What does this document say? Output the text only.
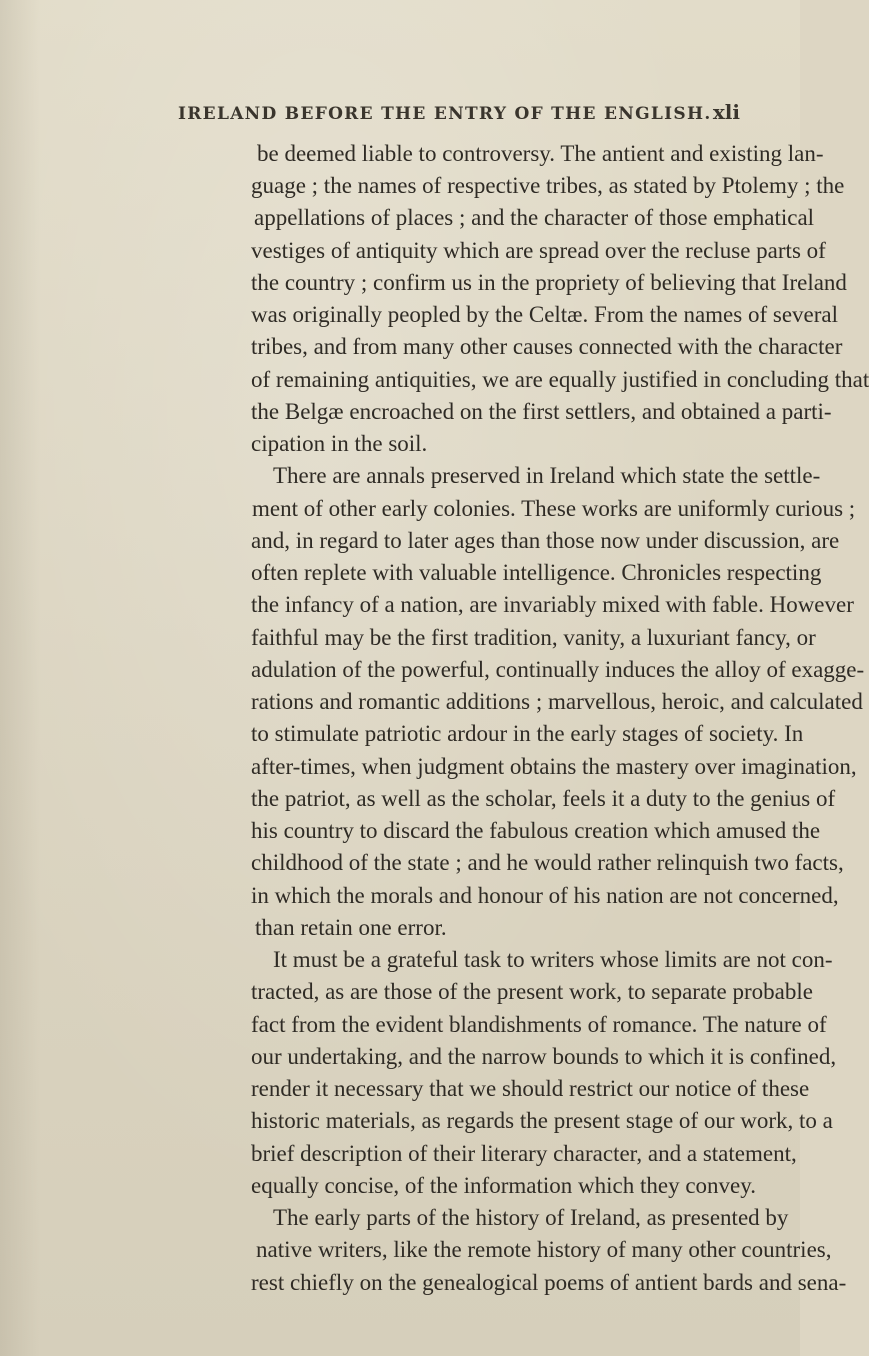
IRELAND BEFORE THE ENTRY OF THE ENGLISH. xli
be deemed liable to controversy. The antient and existing lan-
guage ; the names of respective tribes, as stated by Ptolemy ; the
appellations of places ; and the character of those emphatical
vestiges of antiquity which are spread over the recluse parts of
the country ; confirm us in the propriety of believing that Ireland
was originally peopled by the Celtæ. From the names of several
tribes, and from many other causes connected with the character
of remaining antiquities, we are equally justified in concluding that
the Belgæ encroached on the first settlers, and obtained a parti-
cipation in the soil.
There are annals preserved in Ireland which state the settle-
ment of other early colonies. These works are uniformly curious ;
and, in regard to later ages than those now under discussion, are
often replete with valuable intelligence. Chronicles respecting
the infancy of a nation, are invariably mixed with fable. However
faithful may be the first tradition, vanity, a luxuriant fancy, or
adulation of the powerful, continually induces the alloy of exagge-
rations and romantic additions ; marvellous, heroic, and calculated
to stimulate patriotic ardour in the early stages of society. In
after-times, when judgment obtains the mastery over imagination,
the patriot, as well as the scholar, feels it a duty to the genius of
his country to discard the fabulous creation which amused the
childhood of the state ; and he would rather relinquish two facts,
in which the morals and honour of his nation are not concerned,
than retain one error.
It must be a grateful task to writers whose limits are not con-
tracted, as are those of the present work, to separate probable
fact from the evident blandishments of romance. The nature of
our undertaking, and the narrow bounds to which it is confined,
render it necessary that we should restrict our notice of these
historic materials, as regards the present stage of our work, to a
brief description of their literary character, and a statement,
equally concise, of the information which they convey.
The early parts of the history of Ireland, as presented by
native writers, like the remote history of many other countries,
rest chiefly on the genealogical poems of antient bards and sena-
